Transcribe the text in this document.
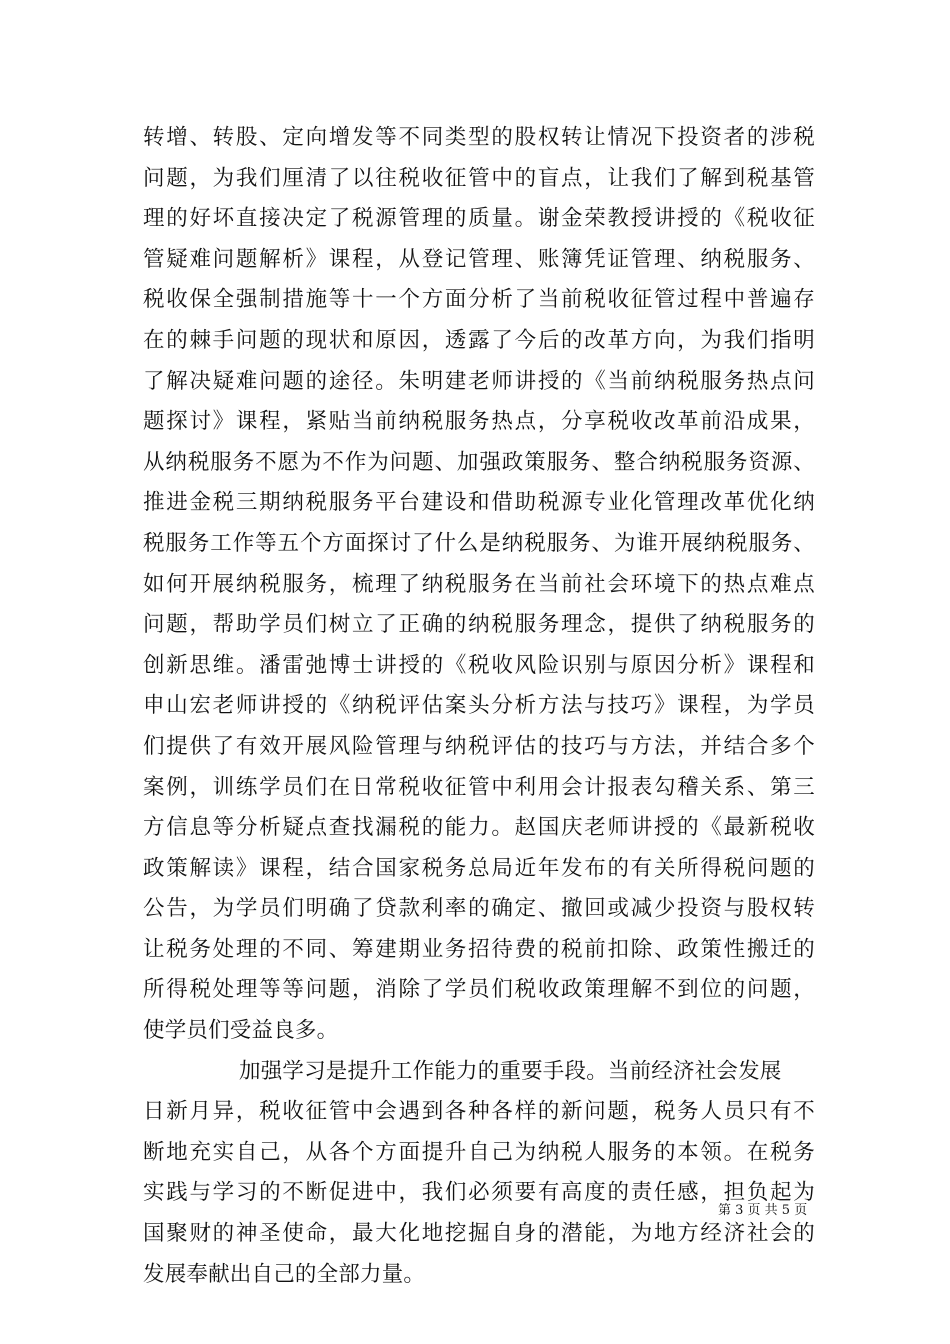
转增、转股、定向增发等不同类型的股权转让情况下投资者的涉税
问题，为我们厘清了以往税收征管中的盲点，让我们了解到税基管
理的好坏直接决定了税源管理的质量。谢金荣教授讲授的《税收征
管疑难问题解析》课程，从登记管理、账簿凭证管理、纳税服务、
税收保全强制措施等十一个方面分析了当前税收征管过程中普遍存
在的棘手问题的现状和原因，透露了今后的改革方向，为我们指明
了解决疑难问题的途径。朱明建老师讲授的《当前纳税服务热点问
题探讨》课程，紧贴当前纳税服务热点，分享税收改革前沿成果，
从纳税服务不愿为不作为问题、加强政策服务、整合纳税服务资源、
推进金税三期纳税服务平台建设和借助税源专业化管理改革优化纳
税服务工作等五个方面探讨了什么是纳税服务、为谁开展纳税服务、
如何开展纳税服务，梳理了纳税服务在当前社会环境下的热点难点
问题，帮助学员们树立了正确的纳税服务理念，提供了纳税服务的
创新思维。潘雷弛博士讲授的《税收风险识别与原因分析》课程和
申山宏老师讲授的《纳税评估案头分析方法与技巧》课程，为学员
们提供了有效开展风险管理与纳税评估的技巧与方法，并结合多个
案例，训练学员们在日常税收征管中利用会计报表勾稽关系、第三
方信息等分析疑点查找漏税的能力。赵国庆老师讲授的《最新税收
政策解读》课程，结合国家税务总局近年发布的有关所得税问题的
公告，为学员们明确了贷款利率的确定、撤回或减少投资与股权转
让税务处理的不同、筹建期业务招待费的税前扣除、政策性搬迁的
所得税处理等等问题，消除了学员们税收政策理解不到位的问题，
使学员们受益良多。
加强学习是提升工作能力的重要手段。当前经济社会发展
日新月异，税收征管中会遇到各种各样的新问题，税务人员只有不
断地充实自己，从各个方面提升自己为纳税人服务的本领。在税务
实践与学习的不断促进中，我们必须要有高度的责任感，担负起为
国聚财的神圣使命，最大化地挖掘自身的潜能，为地方经济社会的
发展奉献出自己的全部力量。
第 3 页 共 5 页
